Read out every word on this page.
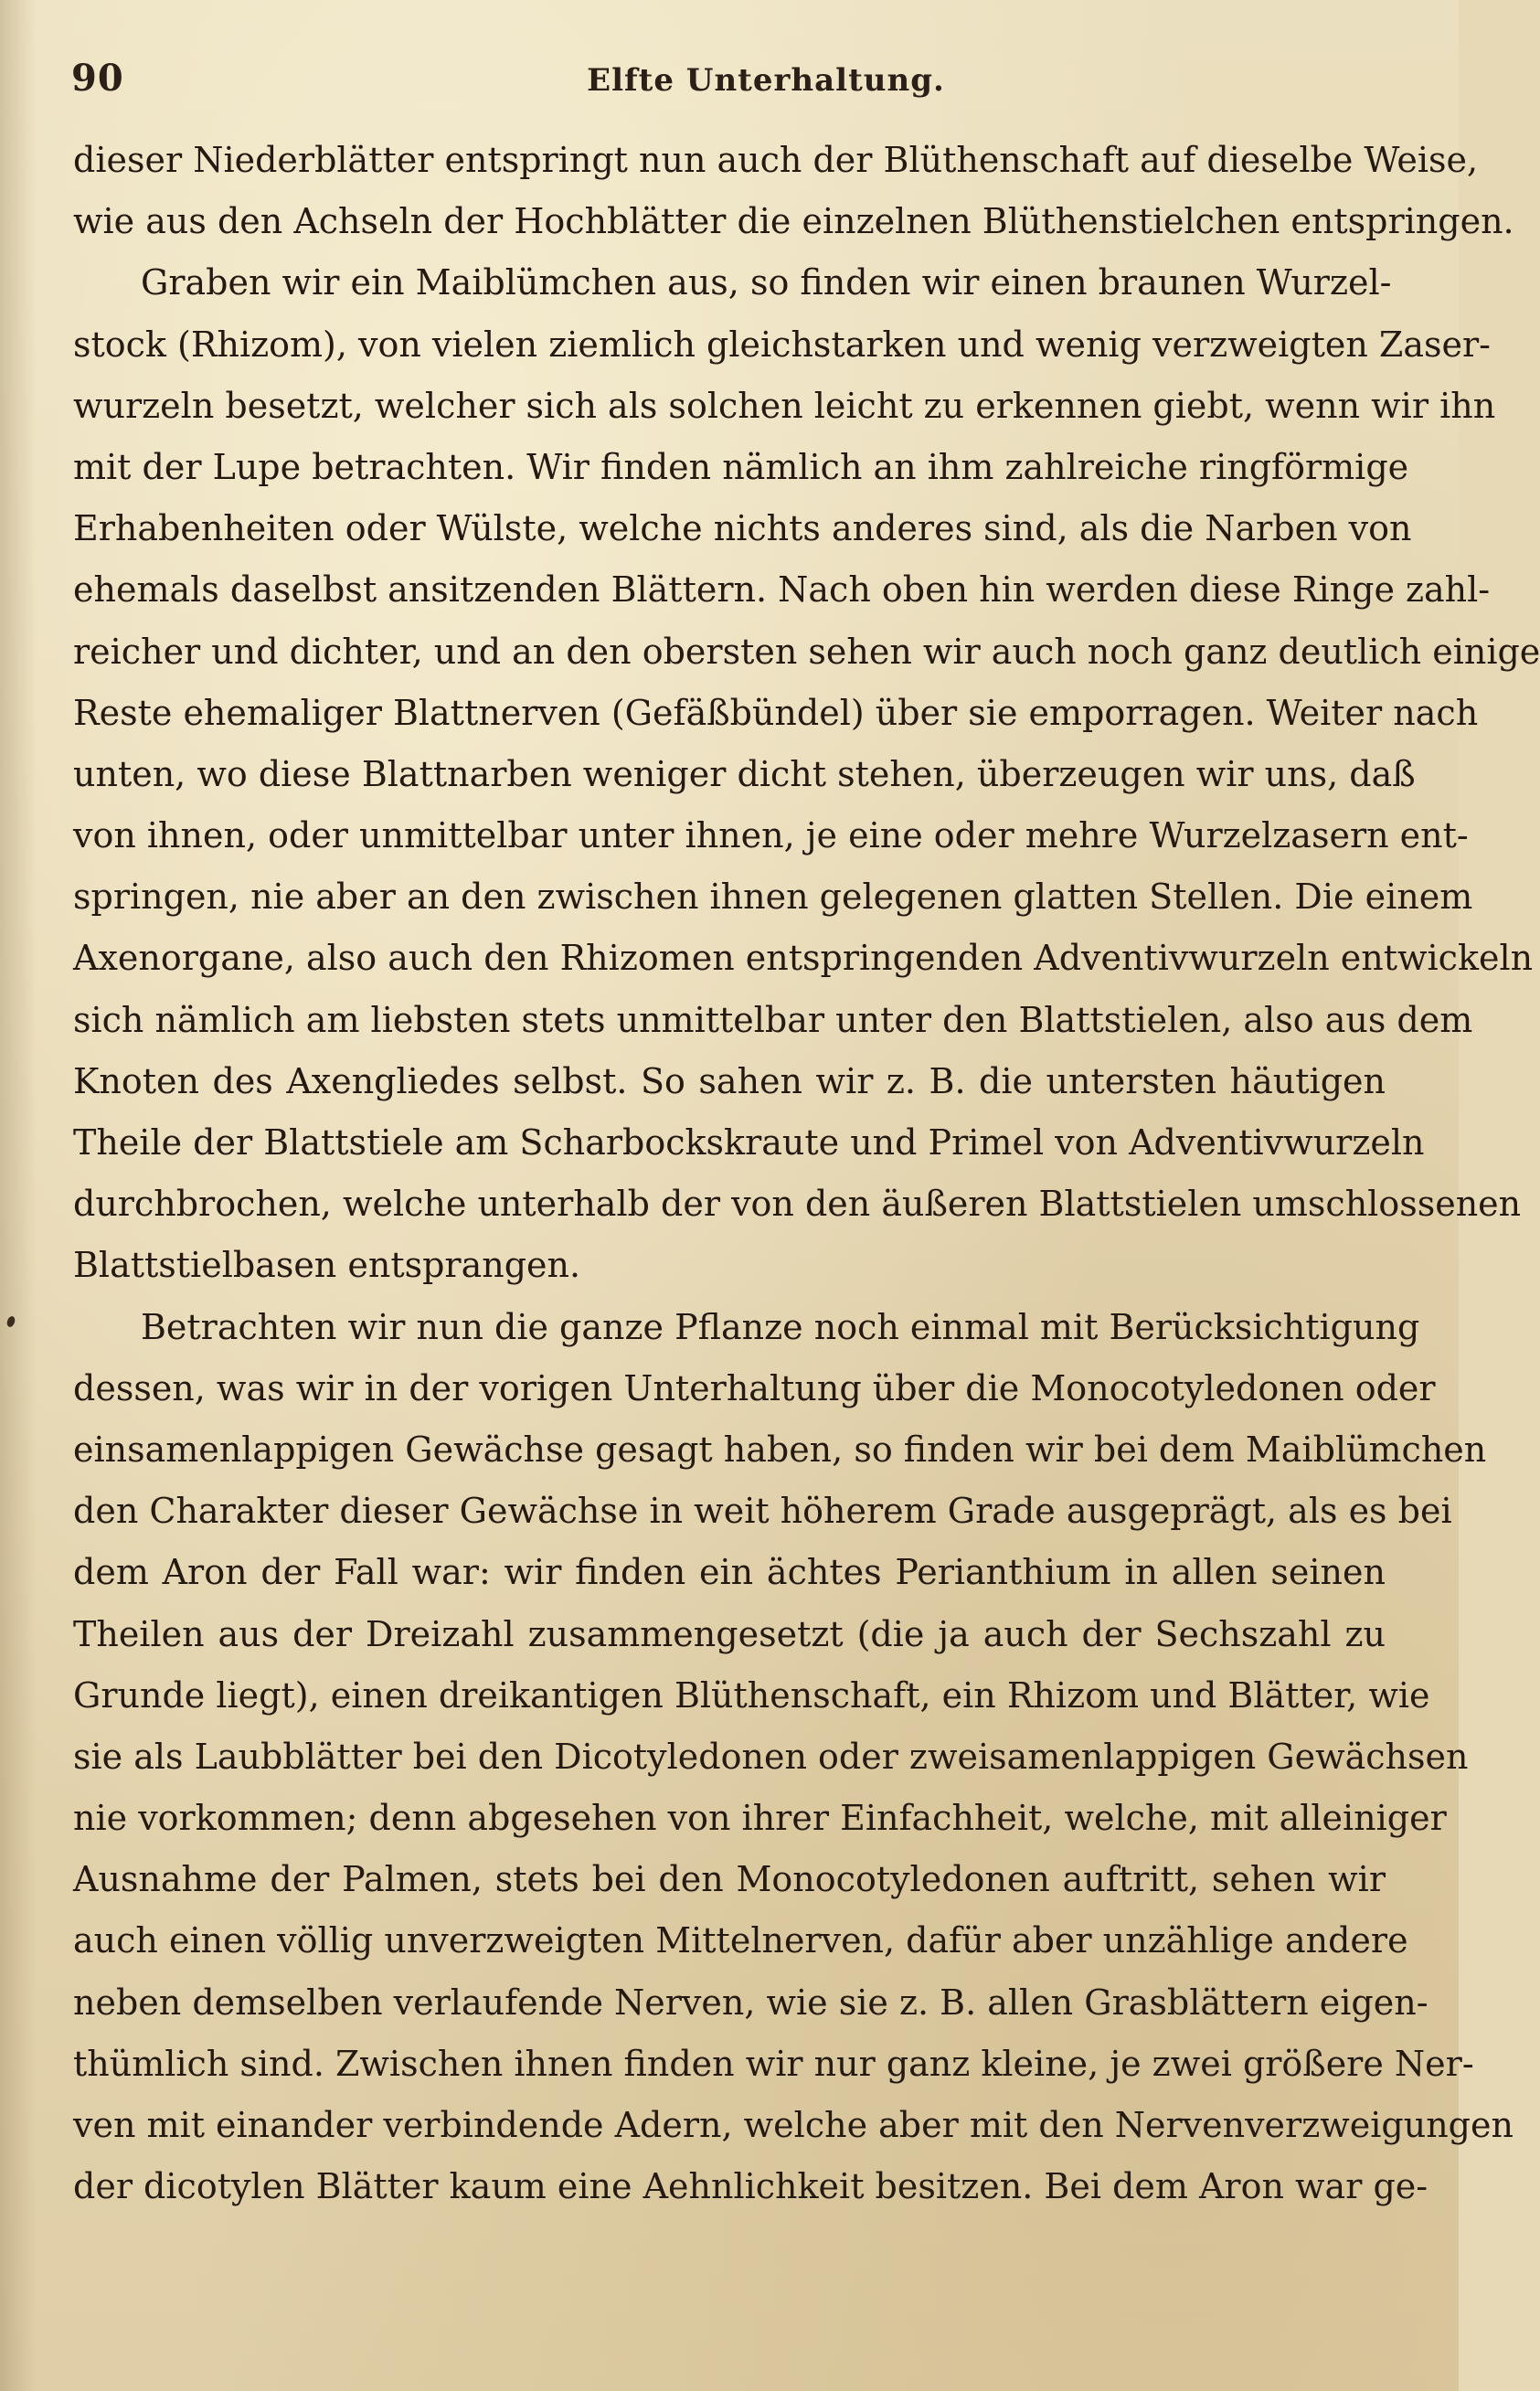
90	Elfte Unterhaltung.
dieser Niederblätter entspringt nun auch der Blüthenschaft auf dieselbe Weise,
wie aus den Achseln der Hochblätter die einzelnen Blüthenstielchen entspringen.
Graben wir ein Maiblümchen aus, so finden wir einen braunen Wurzel-
stock (Rhizom), von vielen ziemlich gleichstarken und wenig verzweigten Zaser-
wurzeln besetzt, welcher sich als solchen leicht zu erkennen giebt, wenn wir ihn
mit der Lupe betrachten. Wir finden nämlich an ihm zahlreiche ringförmige
Erhabenheiten oder Wülste, welche nichts anderes sind, als die Narben von
ehemals daselbst ansitzenden Blättern. Nach oben hin werden diese Ringe zahl-
reicher und dichter, und an den obersten sehen wir auch noch ganz deutlich einige
Reste ehemaliger Blattnerven (Gefäßbündel) über sie emporragen. Weiter nach
unten, wo diese Blattnarben weniger dicht stehen, überzeugen wir uns, daß
von ihnen, oder unmittelbar unter ihnen, je eine oder mehre Wurzelzasern ent-
springen, nie aber an den zwischen ihnen gelegenen glatten Stellen. Die einem
Axenorgane, also auch den Rhizomen entspringenden Adventivwurzeln entwickeln
sich nämlich am liebsten stets unmittelbar unter den Blattstielen, also aus dem
Knoten des Axengliedes selbst. So sahen wir z. B. die untersten häutigen
Theile der Blattstiele am Scharbockskraute und Primel von Adventivwurzeln
durchbrochen, welche unterhalb der von den äußeren Blattstielen umschlossenen
Blattstielbasen entsprangen.
Betrachten wir nun die ganze Pflanze noch einmal mit Berücksichtigung
dessen, was wir in der vorigen Unterhaltung über die Monocotyledonen oder
einsamenlappigen Gewächse gesagt haben, so finden wir bei dem Maiblümchen
den Charakter dieser Gewächse in weit höherem Grade ausgeprägt, als es bei
dem Aron der Fall war: wir finden ein ächtes Perianthium in allen seinen
Theilen aus der Dreizahl zusammengesetzt (die ja auch der Sechszahl zu
Grunde liegt), einen dreikantigen Blüthenschaft, ein Rhizom und Blätter, wie
sie als Laubblätter bei den Dicotyledonen oder zweisamenlappigen Gewächsen
nie vorkommen; denn abgesehen von ihrer Einfachheit, welche, mit alleiniger
Ausnahme der Palmen, stets bei den Monocotyledonen auftritt, sehen wir
auch einen völlig unverzweigten Mittelnerven, dafür aber unzählige andere
neben demselben verlaufende Nerven, wie sie z. B. allen Grasblättern eigen-
thümlich sind. Zwischen ihnen finden wir nur ganz kleine, je zwei größere Ner-
ven mit einander verbindende Adern, welche aber mit den Nervenverzweigungen
der dicotylen Blätter kaum eine Aehnlichkeit besitzen. Bei dem Aron war ge-
